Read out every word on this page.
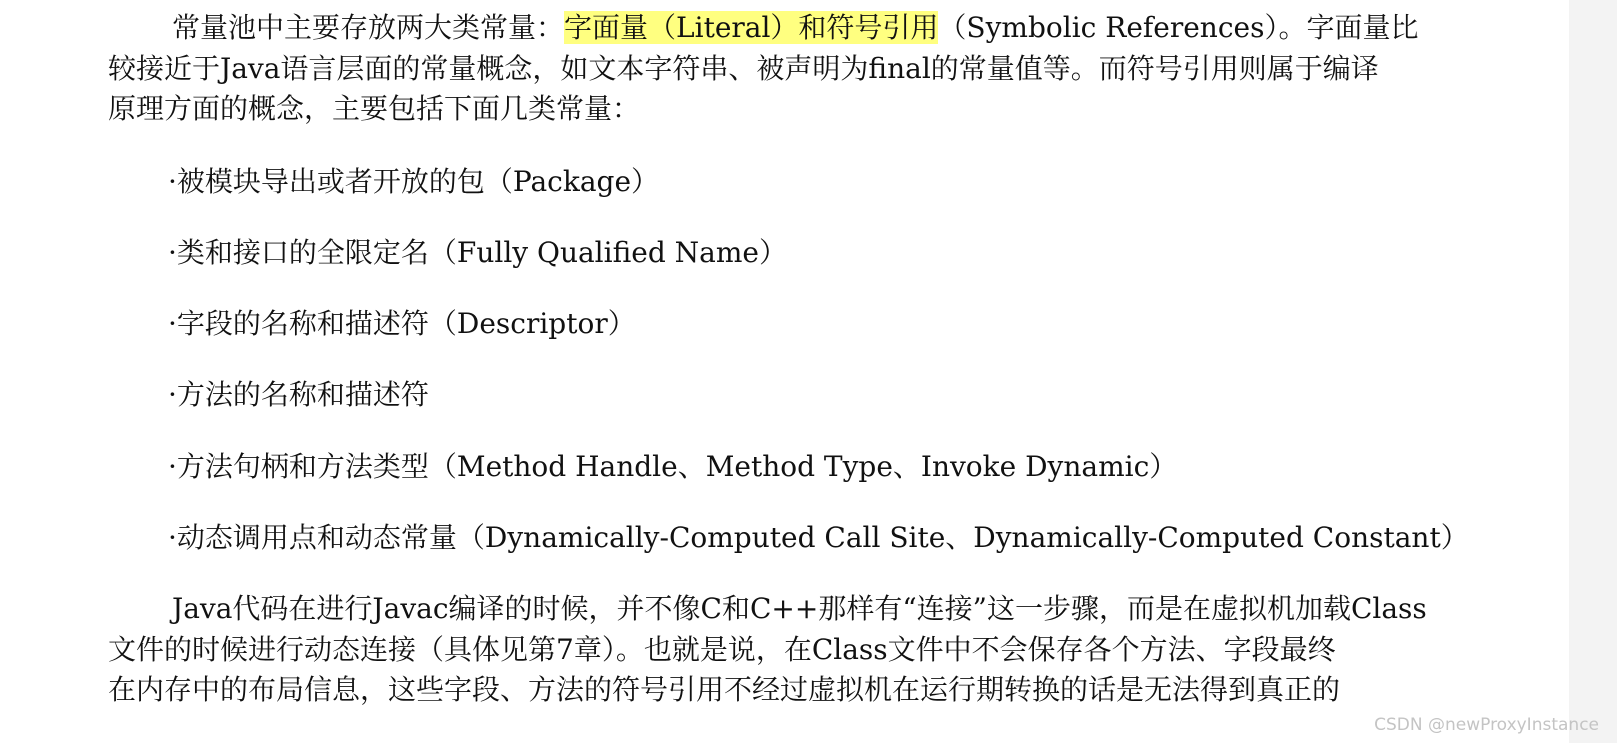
常量池中主要存放两大类常量：字面量（Literal）和符号引用（Symbolic References）。字面量比
较接近于Java语言层面的常量概念，如文本字符串、被声明为final的常量值等。而符号引用则属于编译
原理方面的概念，主要包括下面几类常量：
·被模块导出或者开放的包（Package）
·类和接口的全限定名（Fully Qualified Name）
·字段的名称和描述符（Descriptor）
·方法的名称和描述符
·方法句柄和方法类型（Method Handle、Method Type、Invoke Dynamic）
·动态调用点和动态常量（Dynamically-Computed Call Site、Dynamically-Computed Constant）
Java代码在进行Javac编译的时候，并不像C和C++那样有“连接”这一步骤，而是在虚拟机加载Class
文件的时候进行动态连接（具体见第7章）。也就是说，在Class文件中不会保存各个方法、字段最终
在内存中的布局信息，这些字段、方法的符号引用不经过虚拟机在运行期转换的话是无法得到真正的
CSDN @newProxyInstance
